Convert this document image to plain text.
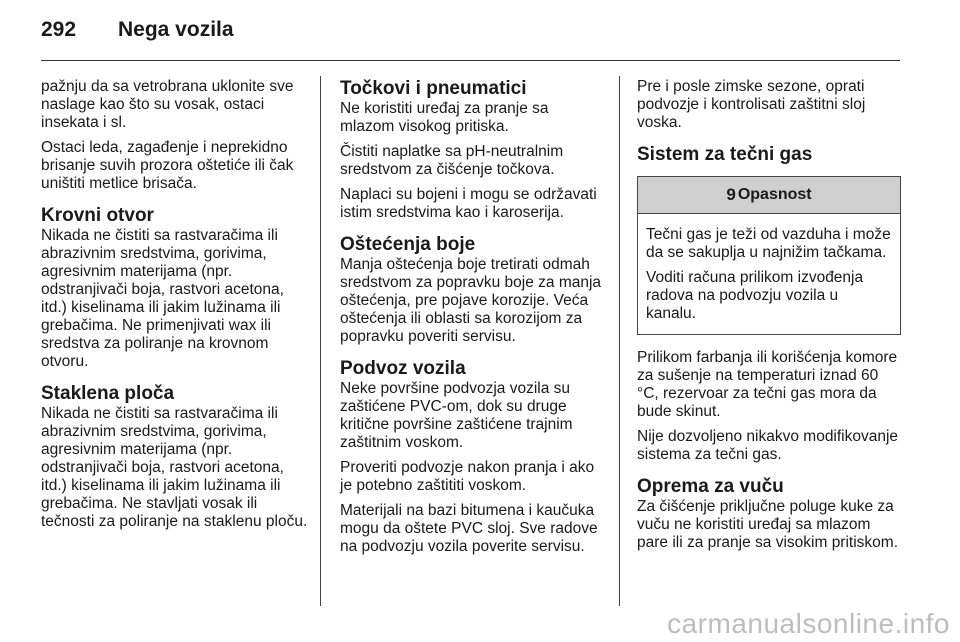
292 Nega vozila

pažnju da sa vetrobrana uklonite sve naslage kao što su vosak, ostaci insekata i sl.

Ostaci leda, zagađenje i neprekidno brisanje suvih prozora oštetiće ili čak uništiti metlice brisača.

Krovni otvor

Nikada ne čistiti sa rastvaračima ili abrazivnim sredstvima, gorivima, agresivnim materijama (npr. odstranjivači boja, rastvori acetona, itd.) kiselinama ili jakim lužinama ili grebačima. Ne primenjivati wax ili sredstva za poliranje na krovnom otvoru.

Staklena ploča

Nikada ne čistiti sa rastvaračima ili abrazivnim sredstvima, gorivima, agresivnim materijama (npr. odstranjivači boja, rastvori acetona, itd.) kiselinama ili jakim lužinama ili grebačima. Ne stavljati vosak ili tečnosti za poliranje na staklenu ploču.

Točkovi i pneumatici

Ne koristiti uređaj za pranje sa mlazom visokog pritiska.

Čistiti naplatke sa pH-neutralnim sredstvom za čišćenje točkova.

Naplaci su bojeni i mogu se održavati istim sredstvima kao i karoserija.

Oštećenja boje

Manja oštećenja boje tretirati odmah sredstvom za popravku boje za manja oštećenja, pre pojave korozije. Veća oštećenja ili oblasti sa korozijom za popravku poveriti servisu.

Podvoz vozila

Neke površine podvozja vozila su zaštićene PVC-om, dok su druge kritične površine zaštićene trajnim zaštitnim voskom.

Proveriti podvozje nakon pranja i ako je potebno zaštititi voskom.

Materijali na bazi bitumena i kaučuka mogu da oštete PVC sloj. Sve radove na podvozju vozila poverite servisu.

Pre i posle zimske sezone, oprati podvozje i kontrolisati zaštitni sloj voska.

Sistem za tečni gas
9 Opasnost

Tečni gas je teži od vazduha i može da se sakuplja u najnižim tačkama.

Voditi računa prilikom izvođenja radova na podvozju vozila u kanalu.

Prilikom farbanja ili korišćenja komore za sušenje na temperaturi iznad 60 °C, rezervoar za tečni gas mora da bude skinut.

Nije dozvoljeno nikakvo modifikovanje sistema za tečni gas.

Oprema za vuču

Za čišćenje priključne poluge kuke za vuču ne koristiti uređaj sa mlazom pare ili za pranje sa visokim pritiskom.

carmanualsonline.info
